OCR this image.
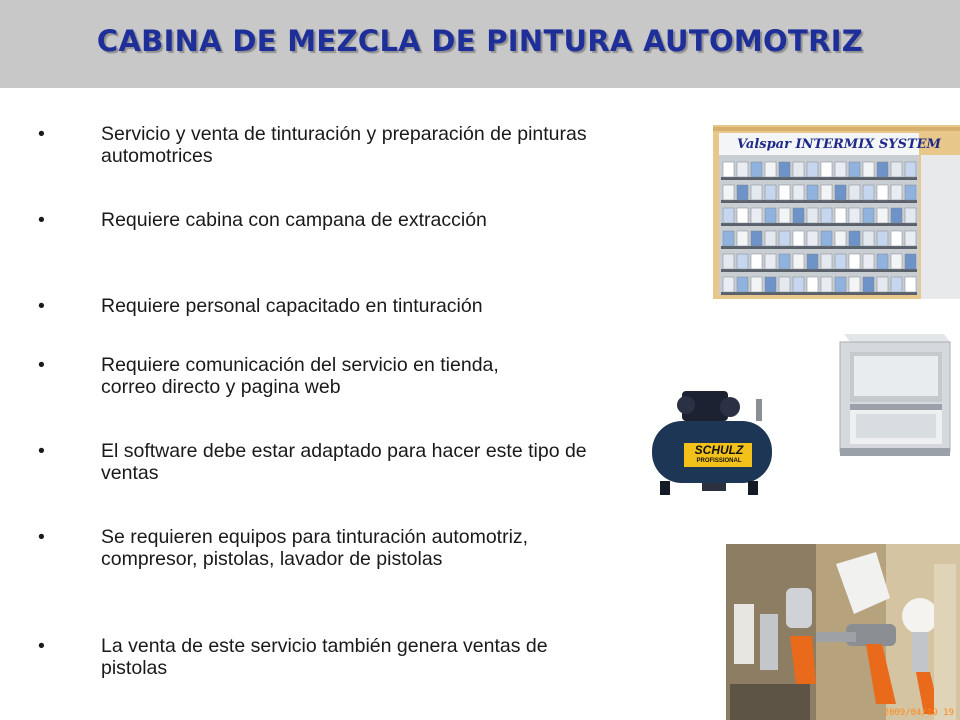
CABINA DE MEZCLA DE PINTURA AUTOMOTRIZ
•	Servicio y venta de tinturación y preparación de pinturas automotrices
•	Requiere cabina con campana de extracción
•	Requiere personal capacitado en tinturación
•	Requiere comunicación del servicio en tienda, correo directo y pagina web
•	El software debe estar adaptado para hacer este tipo de ventas
•	Se requieren equipos para tinturación automotriz, compresor, pistolas, lavador de pistolas
•	La venta de este servicio también genera ventas de pistolas
Valspar INTERMIX SYSTEM
SCHULZ
PROFISSIONAL
2009/04/19 19
